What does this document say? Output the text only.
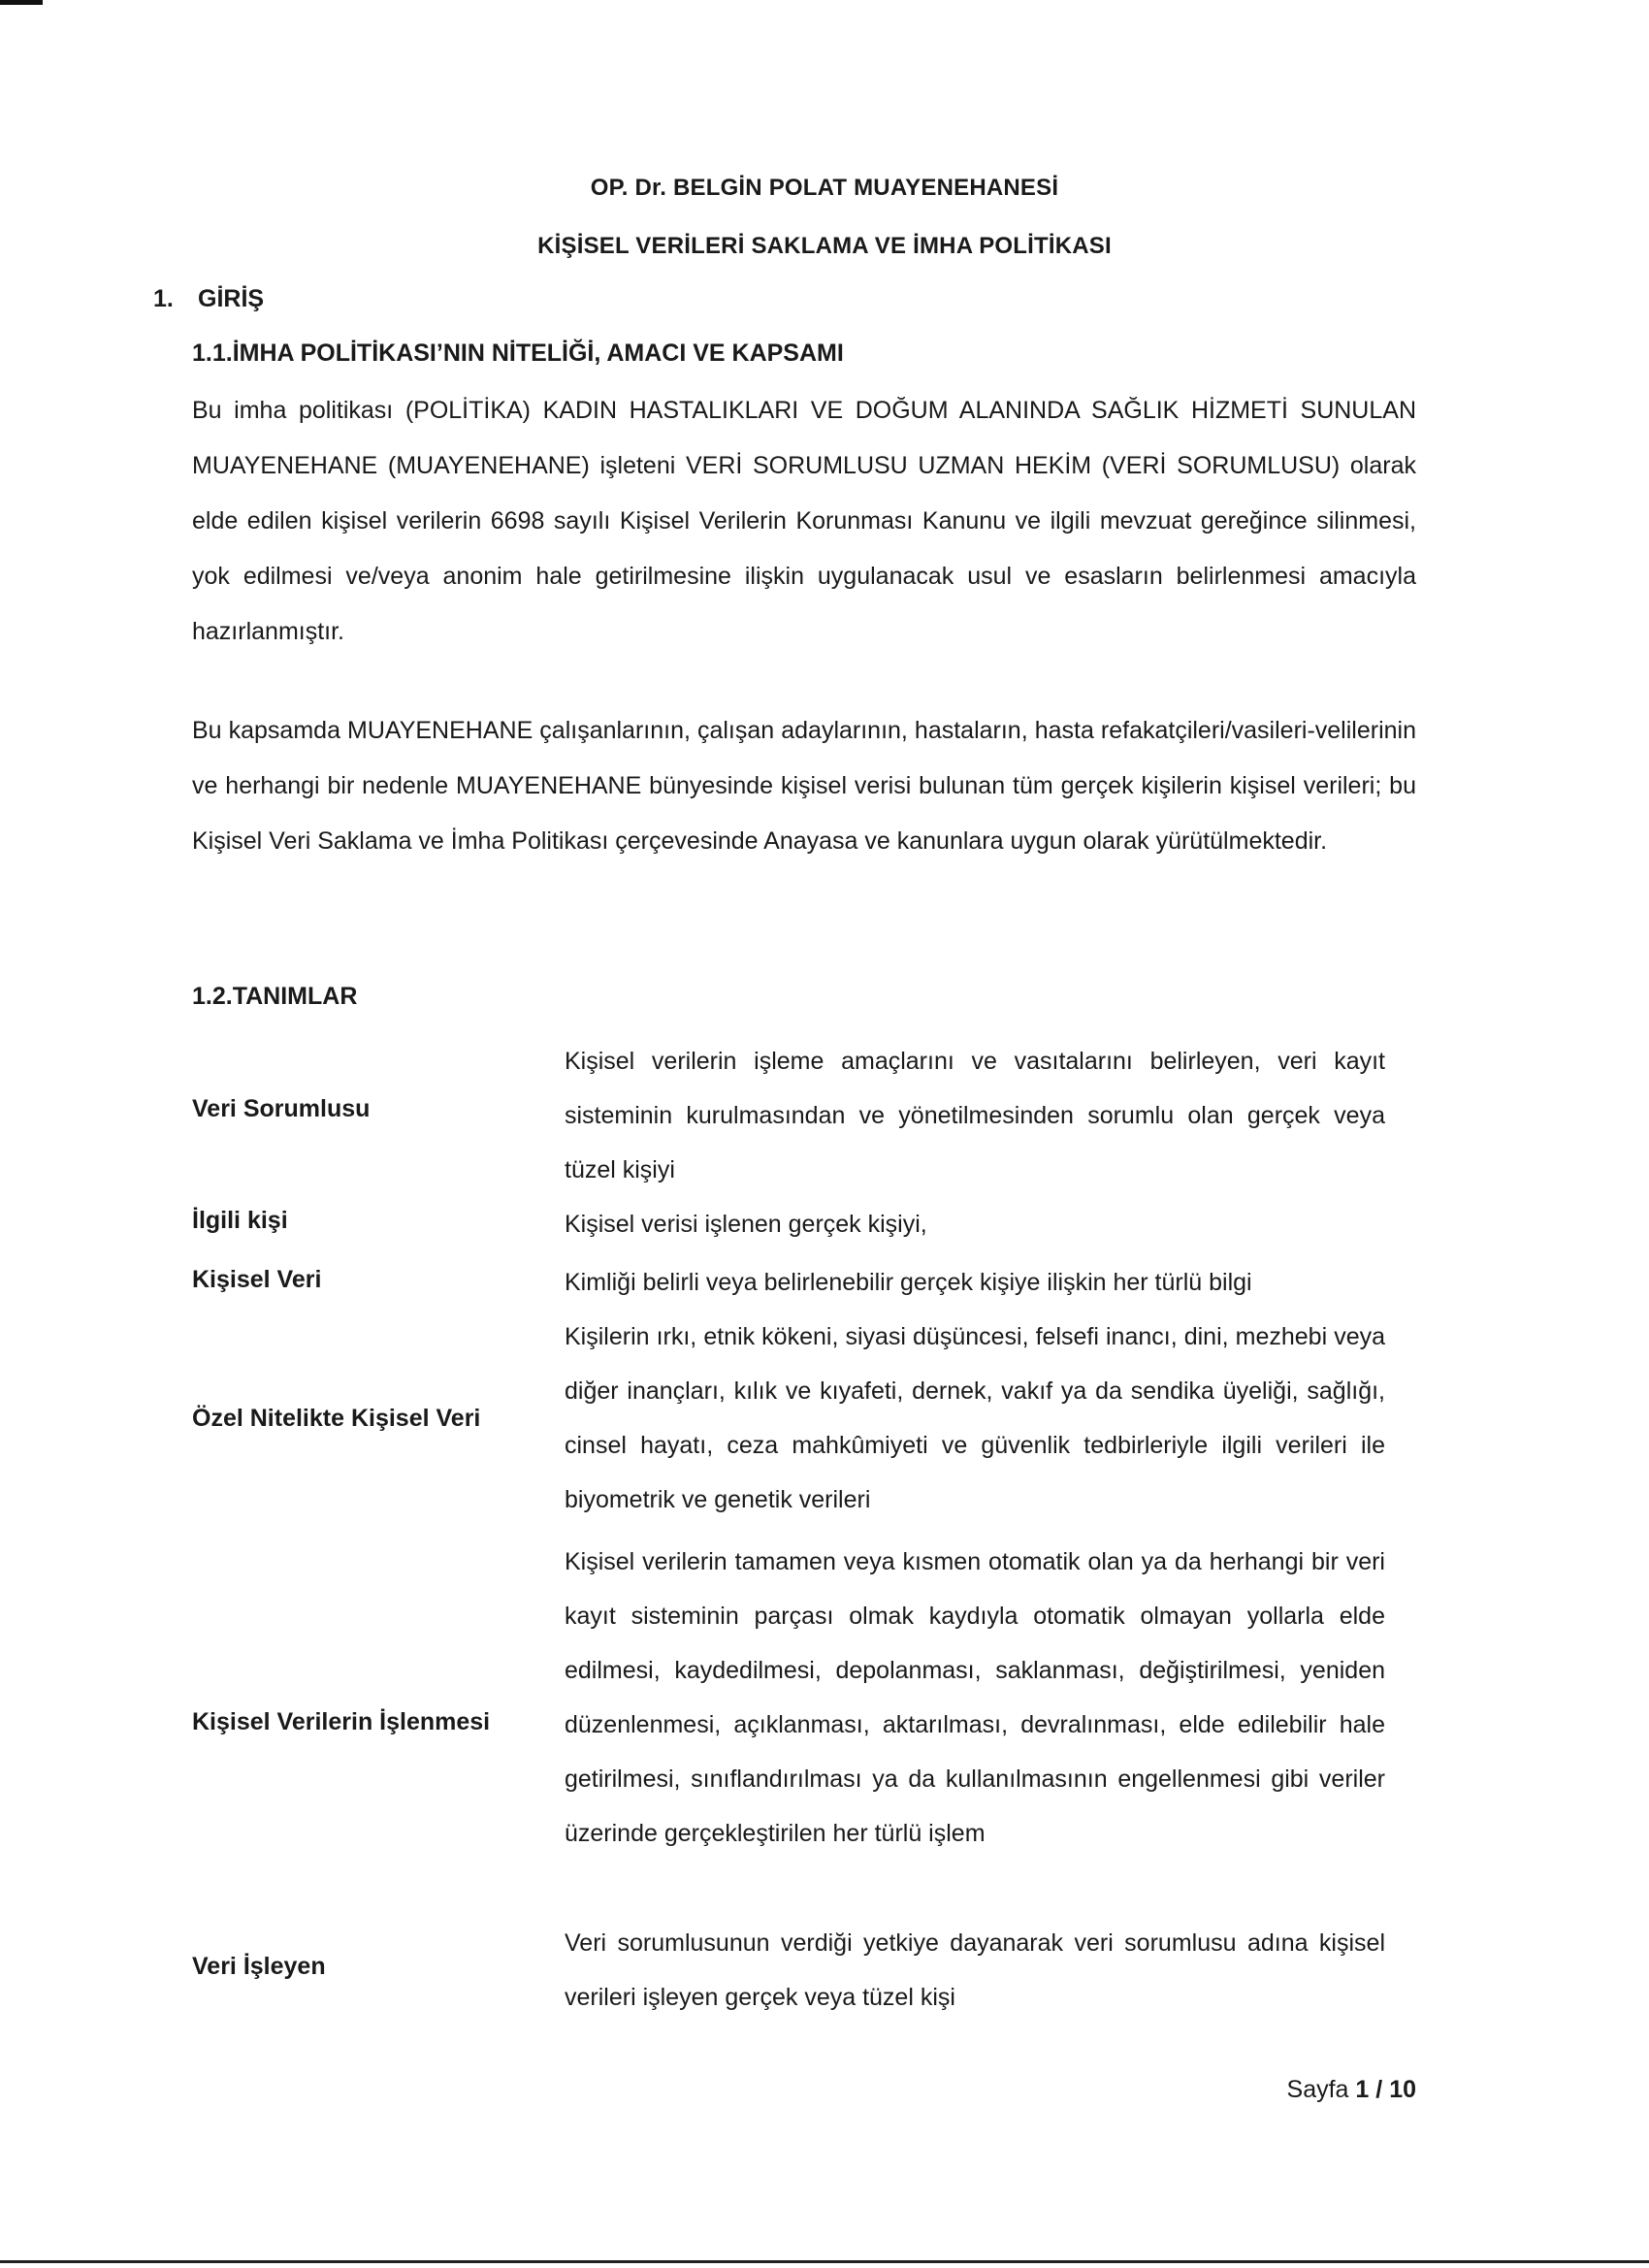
OP. Dr. BELGİN POLAT MUAYENEHANESİ
KİŞİSEL VERİLERİ SAKLAMA VE İMHA POLİTİKASI
1. GİRİŞ
1.1.İMHA POLİTİKASI’NIN NİTELİĞİ, AMACI VE KAPSAMI
Bu imha politikası (POLİTİKA) KADIN HASTALIKLARI VE DOĞUM ALANINDA SAĞLIK HİZMETİ SUNULAN MUAYENEHANE (MUAYENEHANE) işleteni VERİ SORUMLUSU UZMAN HEKİM (VERİ SORUMLUSU) olarak elde edilen kişisel verilerin 6698 sayılı Kişisel Verilerin Korunması Kanunu ve ilgili mevzuat gereğince silinmesi, yok edilmesi ve/veya anonim hale getirilmesine ilişkin uygulanacak usul ve esasların belirlenmesi amacıyla hazırlanmıştır.
Bu kapsamda MUAYENEHANE çalışanlarının, çalışan adaylarının, hastaların, hasta refakatçileri/vasileri-velilerinin ve herhangi bir nedenle MUAYENEHANE bünyesinde kişisel verisi bulunan tüm gerçek kişilerin kişisel verileri; bu Kişisel Veri Saklama ve İmha Politikası çerçevesinde Anayasa ve kanunlara uygun olarak yürütülmektedir.
1.2.TANIMLAR
Veri Sorumlusu
Kişisel verilerin işleme amaçlarını ve vasıtalarını belirleyen, veri kayıt sisteminin kurulmasından ve yönetilmesinden sorumlu olan gerçek veya tüzel kişiyi
İlgili kişi	Kişisel verisi işlenen gerçek kişiyi,
Kişisel Veri	Kimliği belirli veya belirlenebilir gerçek kişiye ilişkin her türlü bilgi
Özel Nitelikte Kişisel Veri
Kişilerin ırkı, etnik kökeni, siyasi düşüncesi, felsefi inancı, dini, mezhebi veya diğer inançları, kılık ve kıyafeti, dernek, vakıf ya da sendika üyeliği, sağlığı, cinsel hayatı, ceza mahkûmiyeti ve güvenlik tedbirleriyle ilgili verileri ile biyometrik ve genetik verileri
Kişisel Verilerin İşlenmesi
Kişisel verilerin tamamen veya kısmen otomatik olan ya da herhangi bir veri kayıt sisteminin parçası olmak kaydıyla otomatik olmayan yollarla elde edilmesi, kaydedilmesi, depolanması, saklanması, değiştirilmesi, yeniden düzenlenmesi, açıklanması, aktarılması, devralınması, elde edilebilir hale getirilmesi, sınıflandırılması ya da kullanılmasının engellenmesi gibi veriler üzerinde gerçekleştirilen her türlü işlem
Veri İşleyen
Veri sorumlusunun verdiği yetkiye dayanarak veri sorumlusu adına kişisel verileri işleyen gerçek veya tüzel kişi
Sayfa 1 / 10
